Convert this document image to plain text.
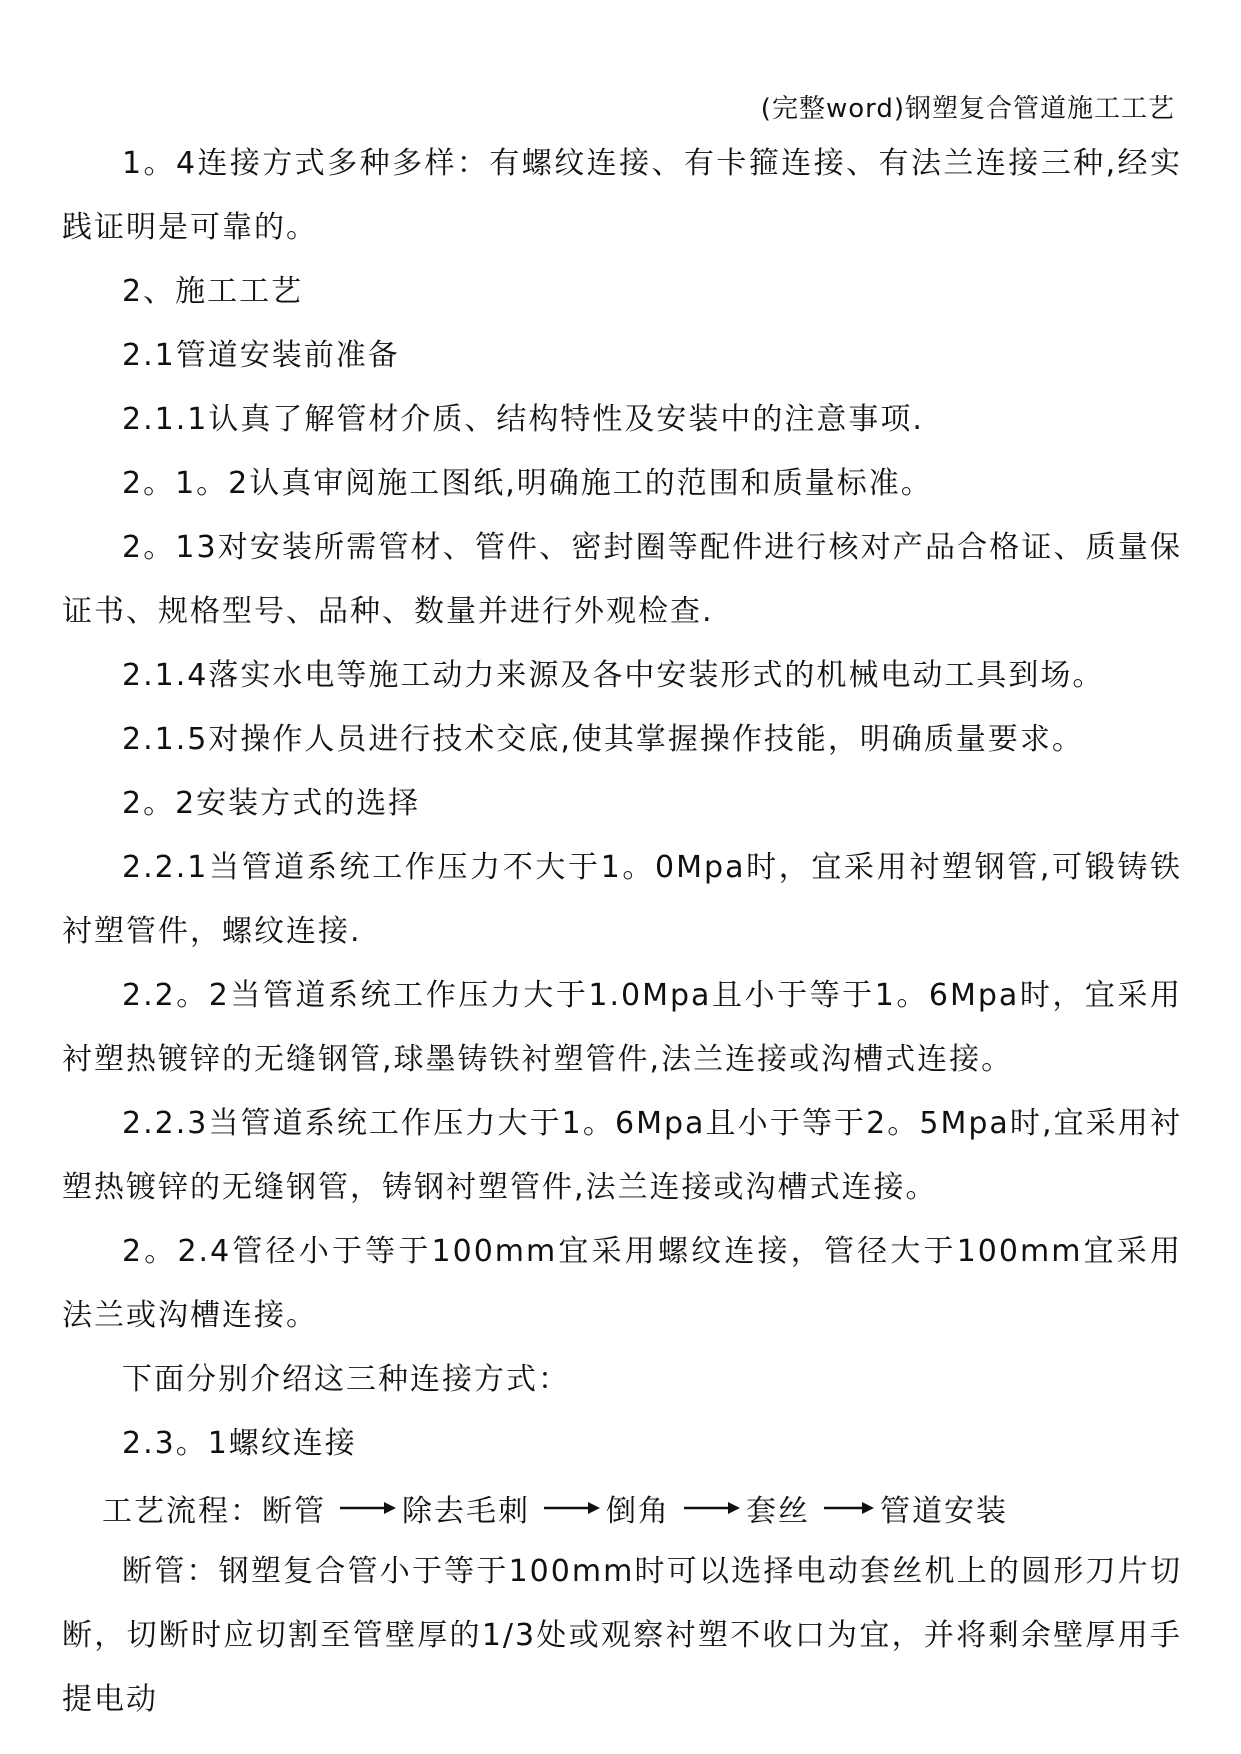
(完整word)钢塑复合管道施工工艺

1。4连接方式多种多样：有螺纹连接、有卡箍连接、有法兰连接三种,经实践证明是可靠的。

2、施工工艺

2.1管道安装前准备

2.1.1认真了解管材介质、结构特性及安装中的注意事项.

2。1。2认真审阅施工图纸,明确施工的范围和质量标准。

2。13对安装所需管材、管件、密封圈等配件进行核对产品合格证、质量保证书、规格型号、品种、数量并进行外观检查.

2.1.4落实水电等施工动力来源及各中安装形式的机械电动工具到场。

2.1.5对操作人员进行技术交底,使其掌握操作技能，明确质量要求。

2。2安装方式的选择

2.2.1当管道系统工作压力不大于1。0Mpa时，宜采用衬塑钢管,可锻铸铁衬塑管件，螺纹连接.

2.2。2当管道系统工作压力大于1.0Mpa且小于等于1。6Mpa时，宜采用衬塑热镀锌的无缝钢管,球墨铸铁衬塑管件,法兰连接或沟槽式连接。

2.2.3当管道系统工作压力大于1。6Mpa且小于等于2。5Mpa时,宜采用衬塑热镀锌的无缝钢管，铸钢衬塑管件,法兰连接或沟槽式连接。

2。2.4管径小于等于100mm宜采用螺纹连接，管径大于100mm宜采用法兰或沟槽连接。

下面分别介绍这三种连接方式：

2.3。1螺纹连接

工艺流程： 断管	除去毛刺	倒角	套丝 管道安装

断管：钢塑复合管小于等于100mm时可以选择电动套丝机上的圆形刀片切断，切断时应切割至管壁厚的1/3处或观察衬塑不收口为宜，并将剩余壁厚用手提电动
